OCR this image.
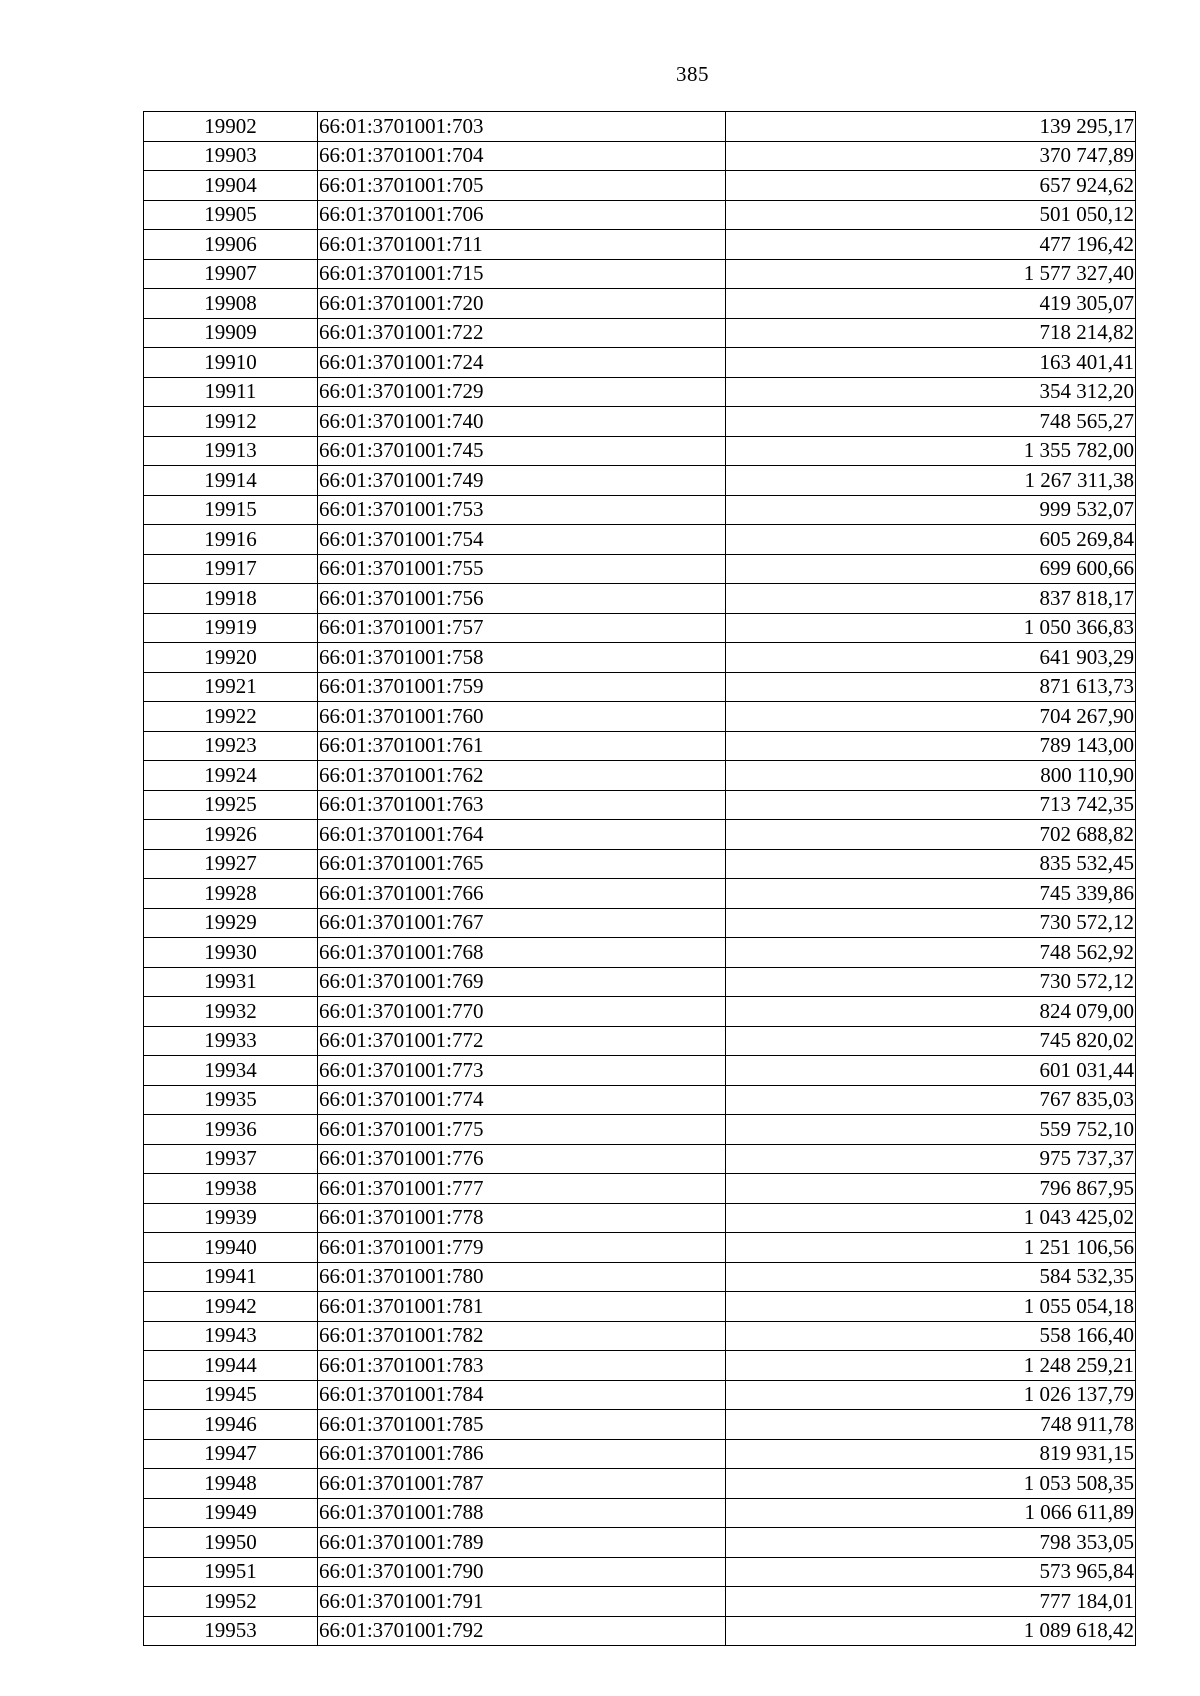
385
19902	66:01:3701001:703	139 295,17
19903	66:01:3701001:704	370 747,89
19904	66:01:3701001:705	657 924,62
19905	66:01:3701001:706	501 050,12
19906	66:01:3701001:711	477 196,42
19907	66:01:3701001:715	1 577 327,40
19908	66:01:3701001:720	419 305,07
19909	66:01:3701001:722	718 214,82
19910	66:01:3701001:724	163 401,41
19911	66:01:3701001:729	354 312,20
19912	66:01:3701001:740	748 565,27
19913	66:01:3701001:745	1 355 782,00
19914	66:01:3701001:749	1 267 311,38
19915	66:01:3701001:753	999 532,07
19916	66:01:3701001:754	605 269,84
19917	66:01:3701001:755	699 600,66
19918	66:01:3701001:756	837 818,17
19919	66:01:3701001:757	1 050 366,83
19920	66:01:3701001:758	641 903,29
19921	66:01:3701001:759	871 613,73
19922	66:01:3701001:760	704 267,90
19923	66:01:3701001:761	789 143,00
19924	66:01:3701001:762	800 110,90
19925	66:01:3701001:763	713 742,35
19926	66:01:3701001:764	702 688,82
19927	66:01:3701001:765	835 532,45
19928	66:01:3701001:766	745 339,86
19929	66:01:3701001:767	730 572,12
19930	66:01:3701001:768	748 562,92
19931	66:01:3701001:769	730 572,12
19932	66:01:3701001:770	824 079,00
19933	66:01:3701001:772	745 820,02
19934	66:01:3701001:773	601 031,44
19935	66:01:3701001:774	767 835,03
19936	66:01:3701001:775	559 752,10
19937	66:01:3701001:776	975 737,37
19938	66:01:3701001:777	796 867,95
19939	66:01:3701001:778	1 043 425,02
19940	66:01:3701001:779	1 251 106,56
19941	66:01:3701001:780	584 532,35
19942	66:01:3701001:781	1 055 054,18
19943	66:01:3701001:782	558 166,40
19944	66:01:3701001:783	1 248 259,21
19945	66:01:3701001:784	1 026 137,79
19946	66:01:3701001:785	748 911,78
19947	66:01:3701001:786	819 931,15
19948	66:01:3701001:787	1 053 508,35
19949	66:01:3701001:788	1 066 611,89
19950	66:01:3701001:789	798 353,05
19951	66:01:3701001:790	573 965,84
19952	66:01:3701001:791	777 184,01
19953	66:01:3701001:792	1 089 618,42
